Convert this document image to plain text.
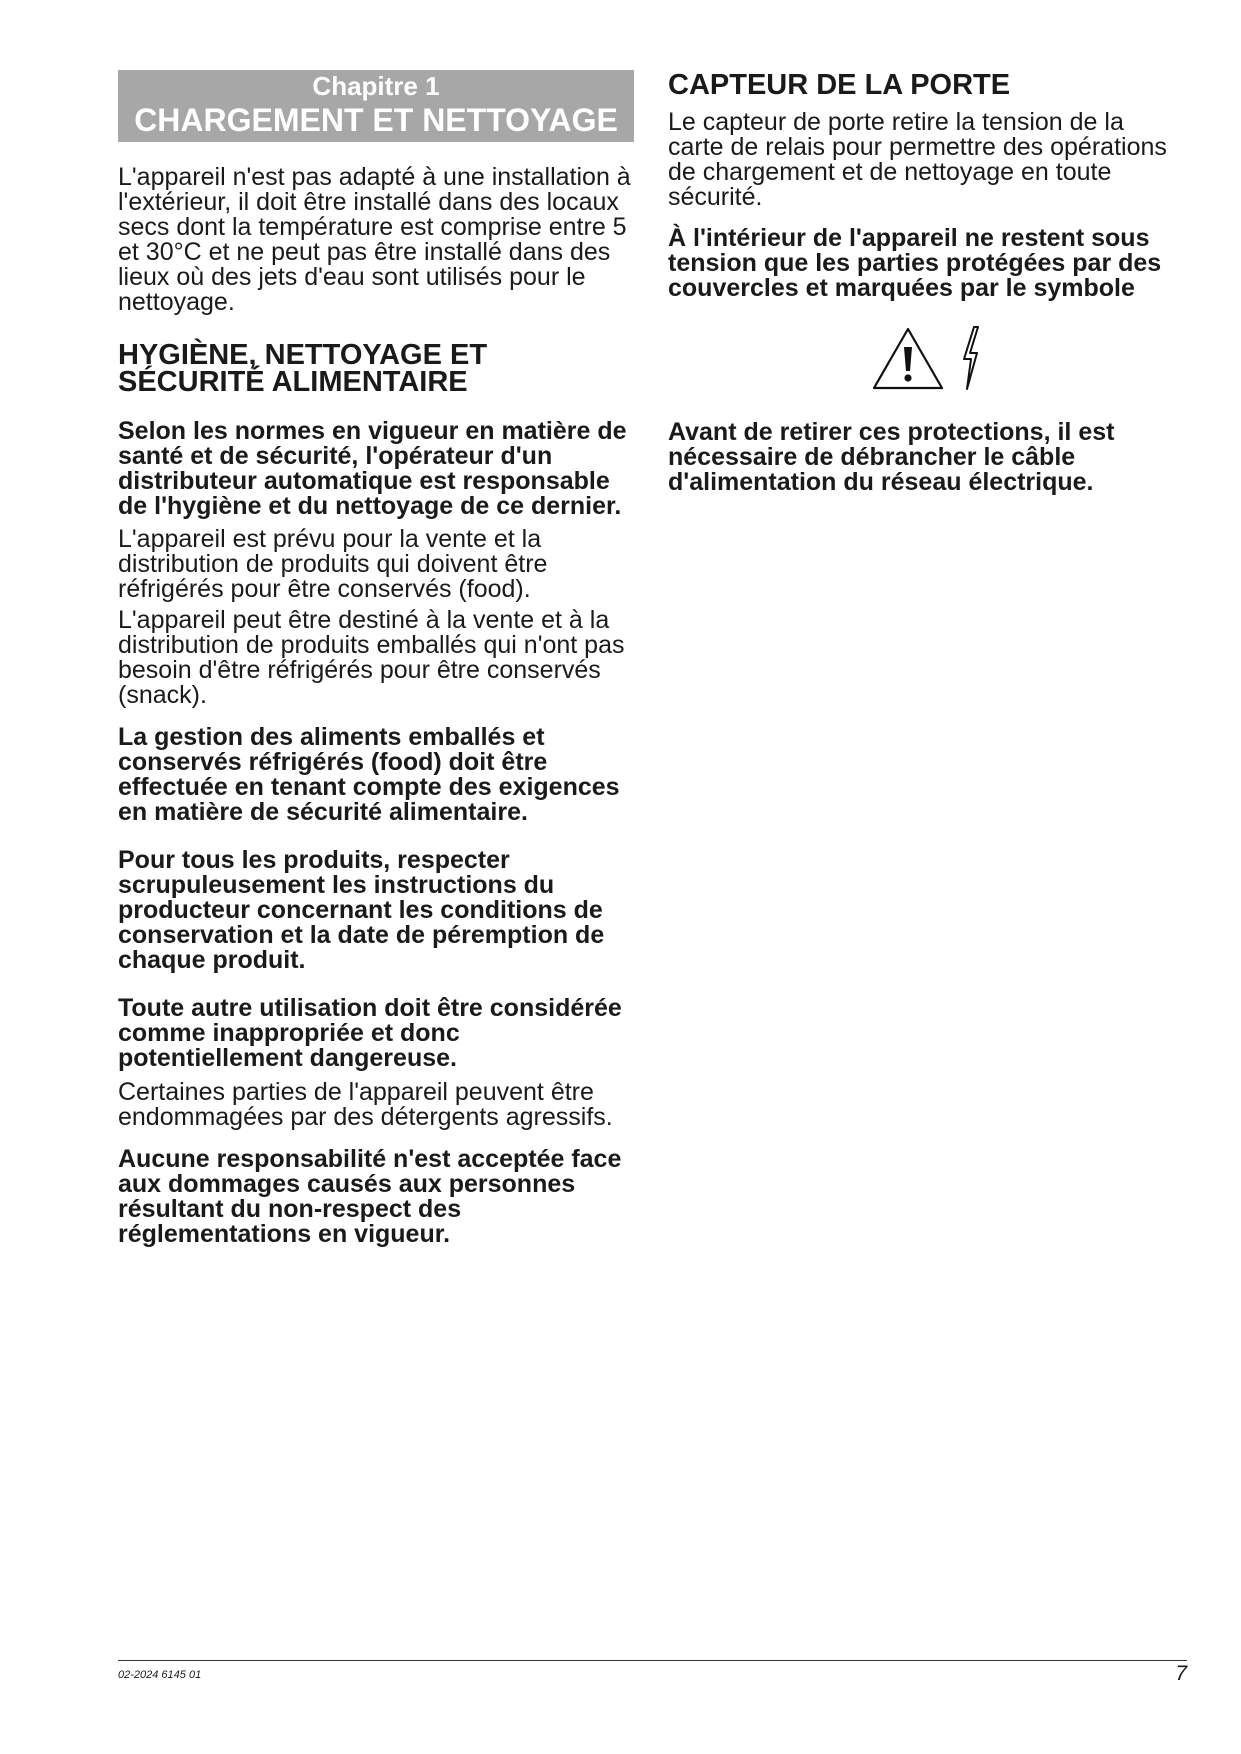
Chapitre 1
CHARGEMENT ET NETTOYAGE

L'appareil n'est pas adapté à une installation à l'extérieur, il doit être installé dans des locaux secs dont la température est comprise entre 5 et 30°C et ne peut pas être installé dans des lieux où des jets d'eau sont utilisés pour le nettoyage.

HYGIÈNE, NETTOYAGE ET SÉCURITÉ ALIMENTAIRE

Selon les normes en vigueur en matière de santé et de sécurité, l'opérateur d'un distributeur automatique est responsable de l'hygiène et du nettoyage de ce dernier.

L'appareil est prévu pour la vente et la distribution de produits qui doivent être réfrigérés pour être conservés (food).

L'appareil peut être destiné à la vente et à la distribution de produits emballés qui n'ont pas besoin d'être réfrigérés pour être conservés (snack).

La gestion des aliments emballés et conservés réfrigérés (food) doit être effectuée en tenant compte des exigences en matière de sécurité alimentaire.

Pour tous les produits, respecter scrupuleusement les instructions du producteur concernant les conditions de conservation et la date de péremption de chaque produit.

Toute autre utilisation doit être considérée comme inappropriée et donc potentiellement dangereuse.

Certaines parties de l'appareil peuvent être endommagées par des détergents agressifs.

Aucune responsabilité n'est acceptée face aux dommages causés aux personnes résultant du non-respect des réglementations en vigueur.

CAPTEUR DE LA PORTE

Le capteur de porte retire la tension de la carte de relais pour permettre des opérations de chargement et de nettoyage en toute sécurité.

À l'intérieur de l'appareil ne restent sous tension que les parties protégées par des couvercles et marquées par le symbole

Avant de retirer ces protections, il est nécessaire de débrancher le câble d'alimentation du réseau électrique.

02-2024 6145 01	7
